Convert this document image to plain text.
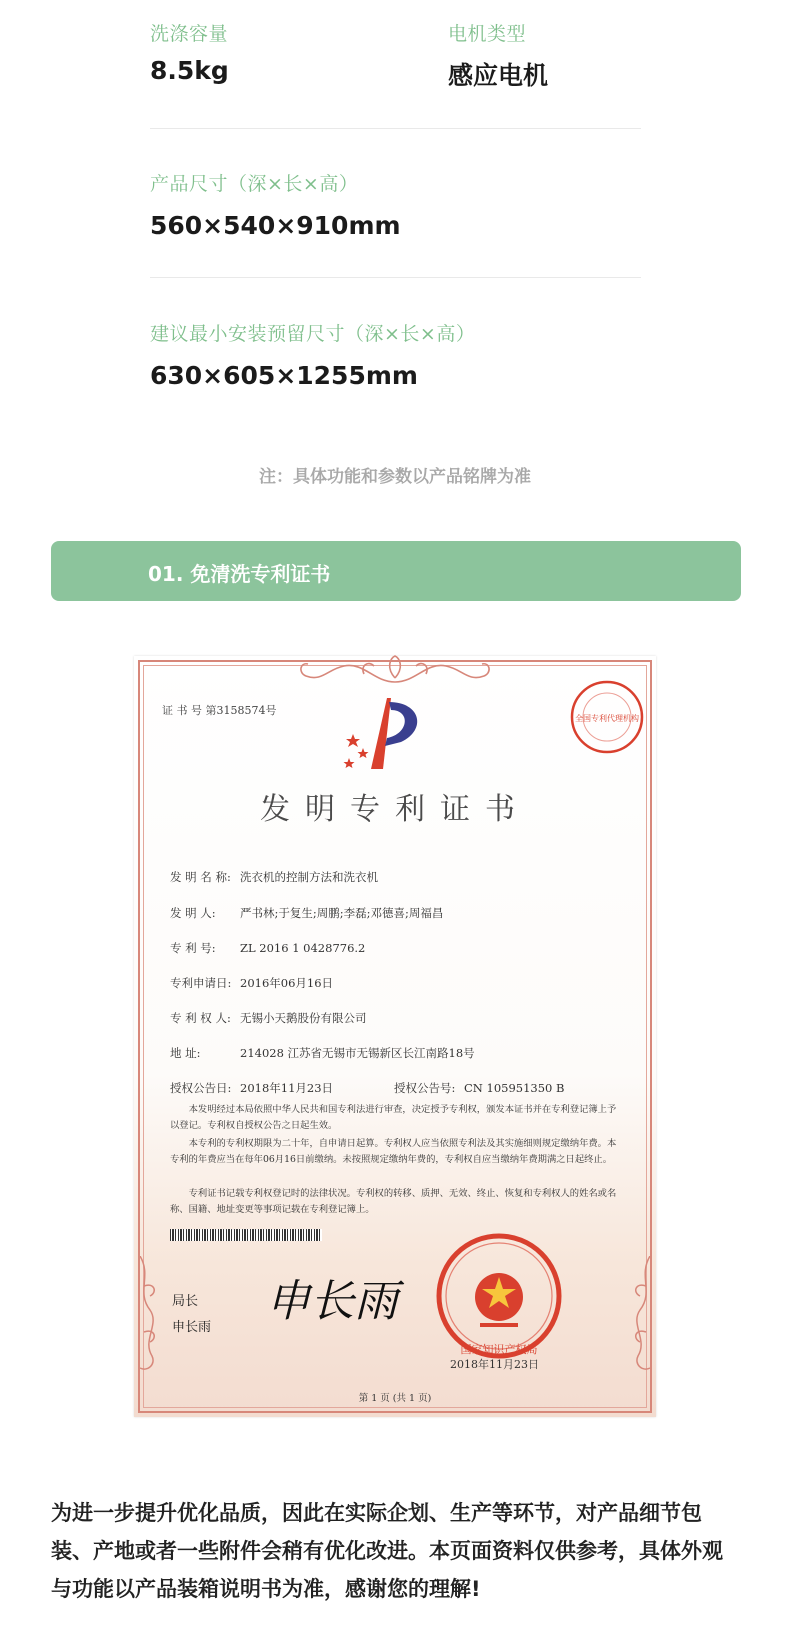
洗涤容量
8.5kg
电机类型
感应电机
产品尺寸（深×长×高）
560×540×910mm
建议最小安装预留尺寸（深×长×高）
630×605×1255mm
注：具体功能和参数以产品铭牌为准
01. 免清洗专利证书
证 书 号 第3158574号
全国专利代理机构
发明专利证书
发 明 名 称: 洗衣机的控制方法和洗衣机
发 明 人: 严书林;于复生;周鹏;李磊;邓德喜;周福昌
专 利 号: ZL 2016 1 0428776.2
专利申请日: 2016年06月16日
专 利 权 人: 无锡小天鹅股份有限公司
地 址:	214028 江苏省无锡市无锡新区长江南路18号
授权公告日: 2018年11月23日	授权公告号: CN 105951350 B
本发明经过本局依照中华人民共和国专利法进行审查，决定授予专利权，颁发本证书并在专利登记簿上予以登记。专利权自授权公告之日起生效。
本专利的专利权期限为二十年，自申请日起算。专利权人应当依照专利法及其实施细则规定缴纳年费。本专利的年费应当在每年06月16日前缴纳。未按照规定缴纳年费的，专利权自应当缴纳年费期满之日起终止。
专利证书记载专利权登记时的法律状况。专利权的转移、质押、无效、终止、恢复和专利权人的姓名或名称、国籍、地址变更等事项记载在专利登记簿上。
局长
申长雨
申长雨
国家知识产权局
2018年11月23日
第 1 页 (共 1 页)
为进一步提升优化品质，因此在实际企划、生产等环节，对产品细节包装、产地或者一些附件会稍有优化改进。本页面资料仅供参考，具体外观与功能以产品装箱说明书为准，感谢您的理解!
